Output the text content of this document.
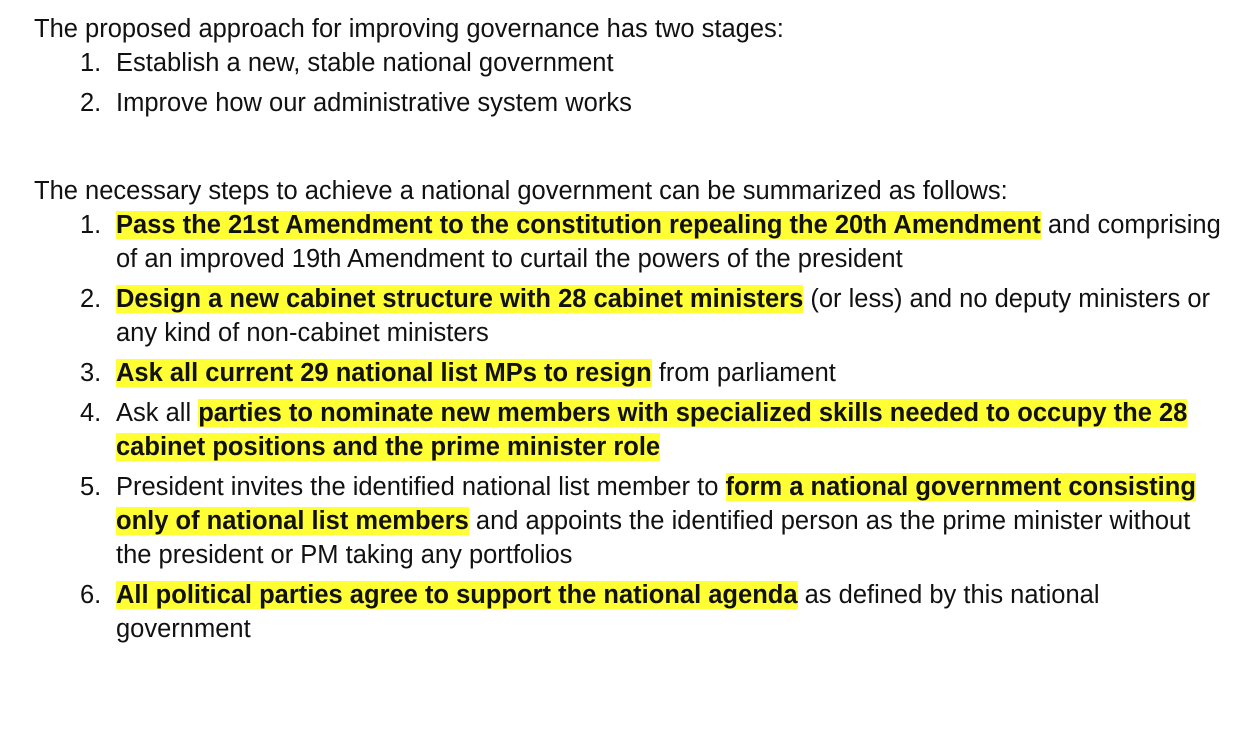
The proposed approach for improving governance has two stages:

1. Establish a new, stable national government
2. Improve how our administrative system works

The necessary steps to achieve a national government can be summarized as follows:

1. Pass the 21st Amendment to the constitution repealing the 20th Amendment and comprising of an improved 19th Amendment to curtail the powers of the president
2. Design a new cabinet structure with 28 cabinet ministers (or less) and no deputy ministers or any kind of non-cabinet ministers
3. Ask all current 29 national list MPs to resign from parliament
4. Ask all parties to nominate new members with specialized skills needed to occupy the 28 cabinet positions and the prime minister role
5. President invites the identified national list member to form a national government consisting only of national list members and appoints the identified person as the prime minister without the president or PM taking any portfolios
6. All political parties agree to support the national agenda as defined by this national government
